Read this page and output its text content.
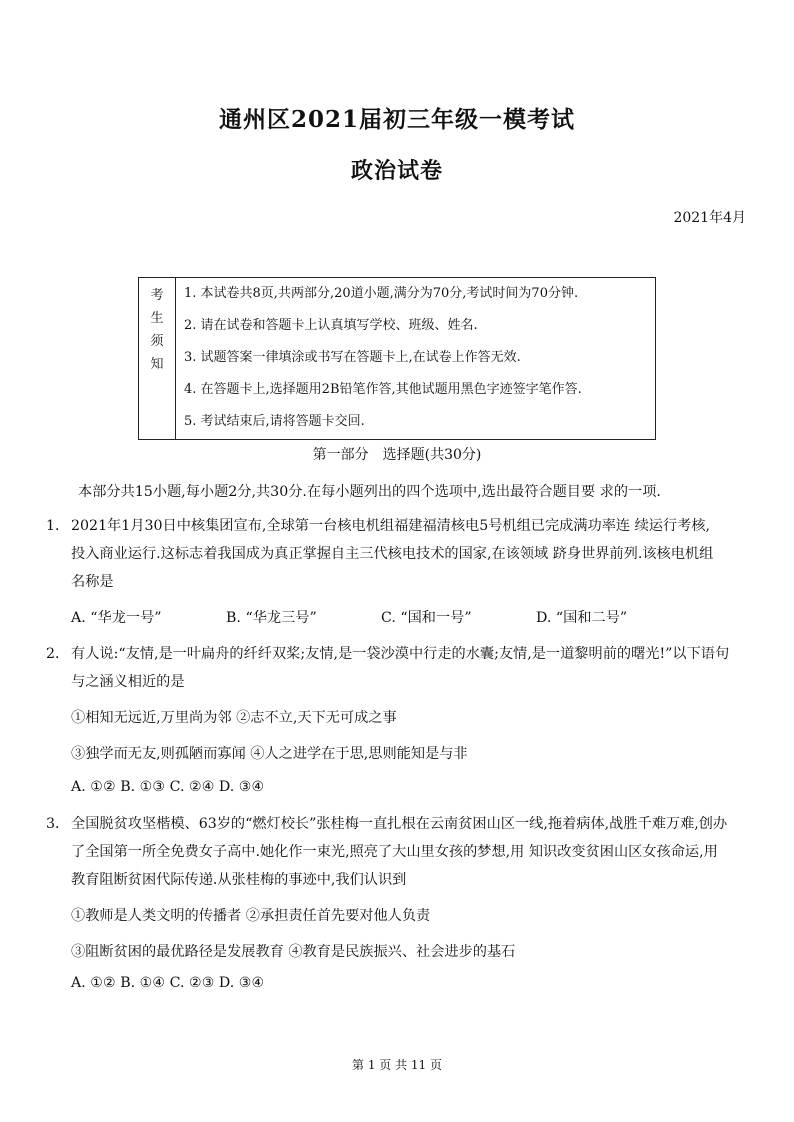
通州区2021届初三年级一模考试
政治试卷
2021年4月
考
生
须
知
1. 本试卷共8页,共两部分,20道小题,满分为70分,考试时间为70分钟.
2. 请在试卷和答题卡上认真填写学校、班级、姓名.
3. 试题答案一律填涂或书写在答题卡上,在试卷上作答无效.
4. 在答题卡上,选择题用2B铅笔作答,其他试题用黑色字迹签字笔作答.
5. 考试结束后,请将答题卡交回.
第一部分　选择题(共30分)
本部分共15小题,每小题2分,共30分.在每小题列出的四个选项中,选出最符合题目要 求的一项.
1． 2021年1月30日中核集团宣布,全球第一台核电机组福建福清核电5号机组已完成满功率连 续运行考核,
投入商业运行.这标志着我国成为真正掌握自主三代核电技术的国家,在该领域 跻身世界前列.该核电机组
名称是
A. “华龙一号”	B. “华龙三号”	C. “国和一号”	D. “国和二号”
2． 有人说:“友情,是一叶扁舟的纤纤双桨;友情,是一袋沙漠中行走的水囊;友情,是一道黎明前的曙光!”以下语句
与之涵义相近的是
①相知无远近,万里尚为邻 ②志不立,天下无可成之事
③独学而无友,则孤陋而寡闻 ④人之进学在于思,思则能知是与非
A. ①② B. ①③ C. ②④ D. ③④
3． 全国脱贫攻坚楷模、63岁的“燃灯校长”张桂梅一直扎根在云南贫困山区一线,拖着病体,战胜千难万难,创办
了全国第一所全免费女子高中.她化作一束光,照亮了大山里女孩的梦想,用 知识改变贫困山区女孩命运,用
教育阻断贫困代际传递.从张桂梅的事迹中,我们认识到
①教师是人类文明的传播者 ②承担责任首先要对他人负责
③阻断贫困的最优路径是发展教育 ④教育是民族振兴、社会进步的基石
A. ①② B. ①④ C. ②③ D. ③④
第 1 页 共 11 页
